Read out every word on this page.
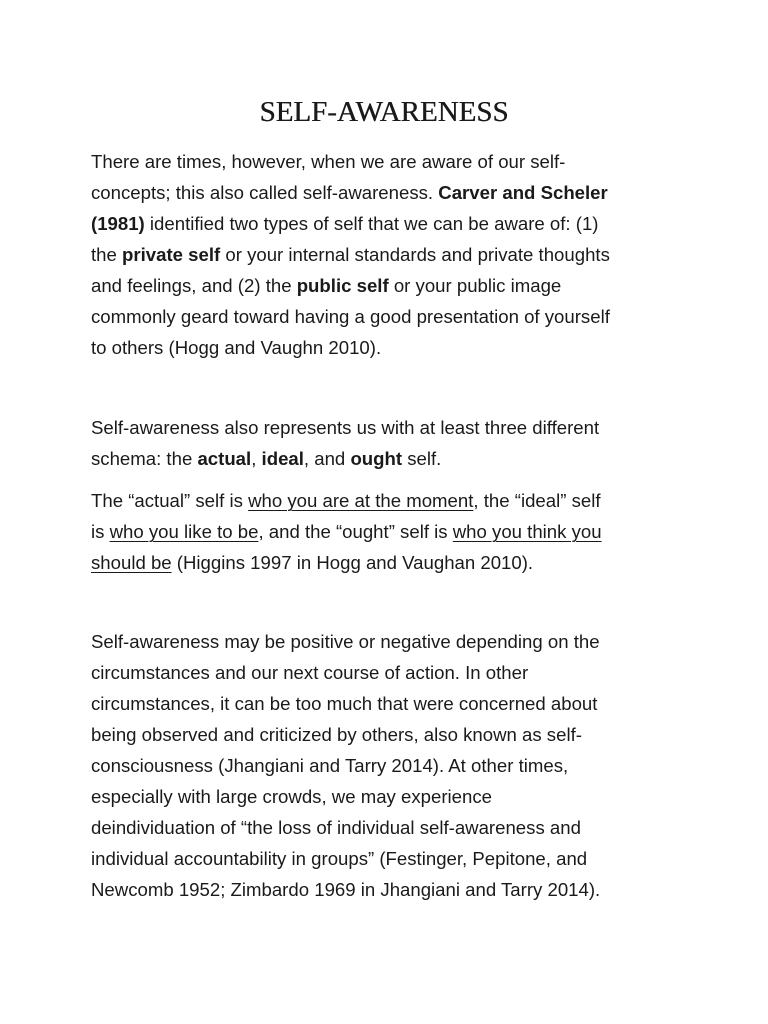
SELF-AWARENESS

There are times, however, when we are aware of our self-
concepts; this also called self-awareness. Carver and Scheler
(1981) identified two types of self that we can be aware of: (1)
the private self or your internal standards and private thoughts
and feelings, and (2) the public self or your public image
commonly geard toward having a good presentation of yourself
to others (Hogg and Vaughn 2010).

Self-awareness also represents us with at least three different
schema: the actual, ideal, and ought self.

The “actual” self is who you are at the moment, the “ideal” self
is who you like to be, and the “ought” self is who you think you
should be (Higgins 1997 in Hogg and Vaughan 2010).

Self-awareness may be positive or negative depending on the
circumstances and our next course of action. In other
circumstances, it can be too much that were concerned about
being observed and criticized by others, also known as self-
consciousness (Jhangiani and Tarry 2014). At other times,
especially with large crowds, we may experience
deindividuation of “the loss of individual self-awareness and
individual accountability in groups” (Festinger, Pepitone, and
Newcomb 1952; Zimbardo 1969 in Jhangiani and Tarry 2014).
